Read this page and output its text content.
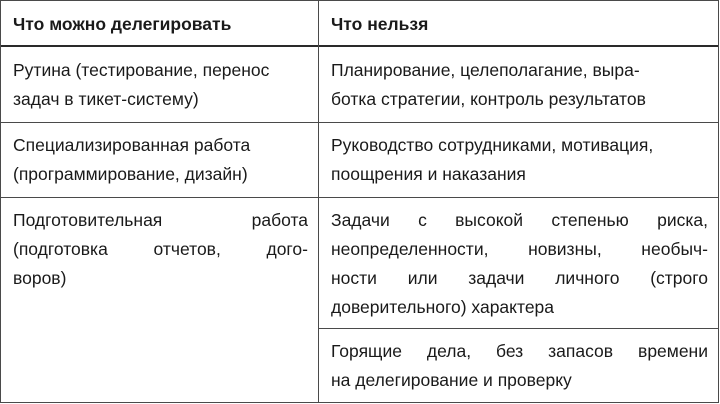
Что можно делегировать	Что нельзя
Рутина (тестирование, перенос
задач в тикет-систему)
Планирование, целеполагание, выра-
ботка стратегии, контроль результатов
Специализированная работа
(программирование, дизайн)
Руководство сотрудниками, мотивация,
поощрения и наказания
Подготовительная работа
(подготовка отчетов, дого-
воров)
Задачи с высокой степенью риска,
неопределенности, новизны, необыч-
ности или задачи личного (строго
доверительного) характера
Горящие дела, без запасов времени
на делегирование и проверку
